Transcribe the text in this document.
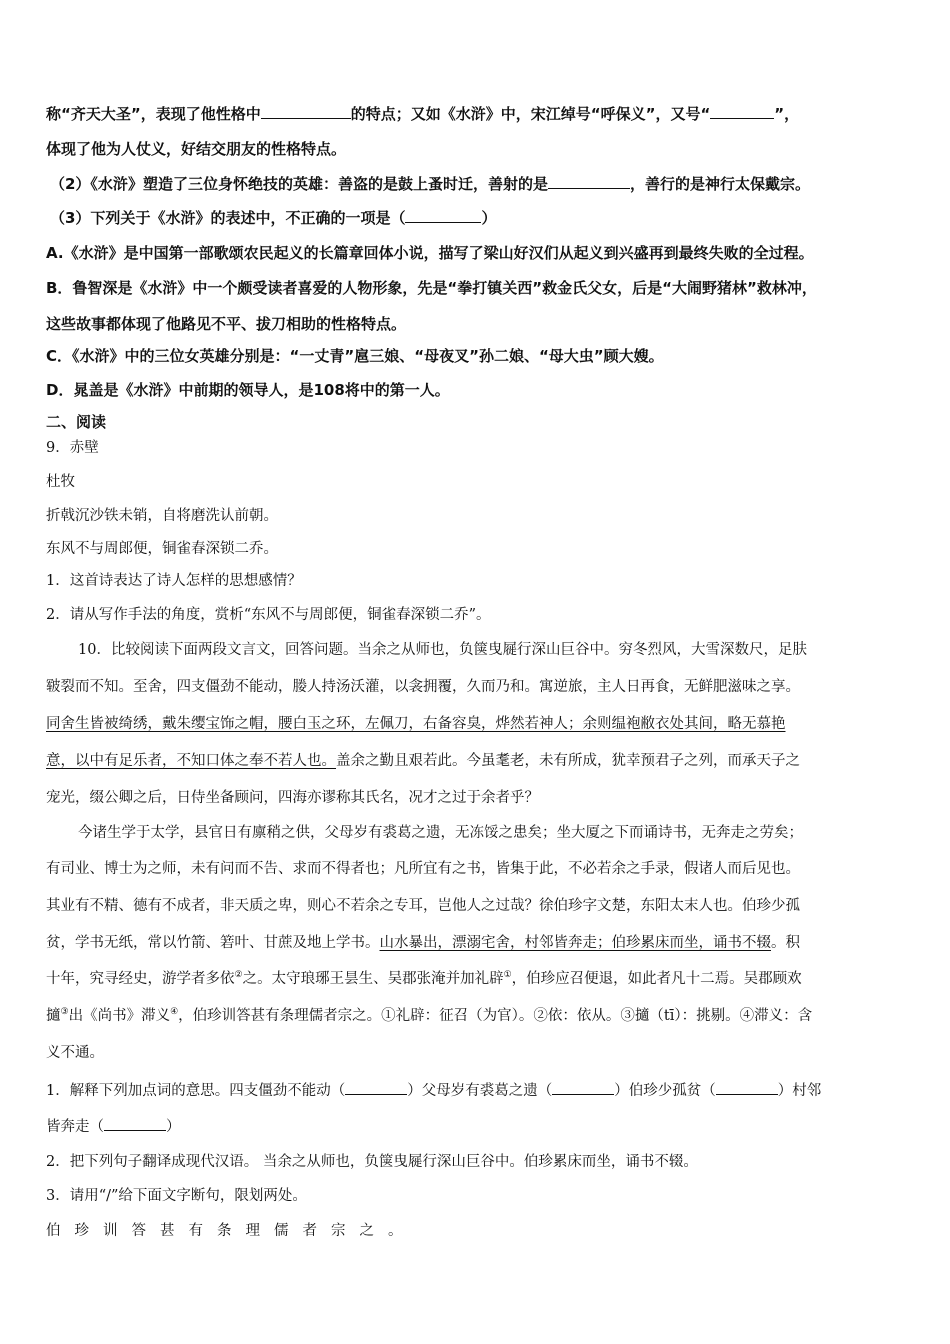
称“齐天大圣”，表现了他性格中	的特点；又如《水浒》中，宋江绰号“呼保义”，又号“	”，
体现了他为人仗义，好结交朋友的性格特点。
（2）《水浒》塑造了三位身怀绝技的英雄：善盗的是鼓上蚤时迁，善射的是	，善行的是神行太保戴宗。
（3）下列关于《水浒》的表述中，不正确的一项是（	）
A.《水浒》是中国第一部歌颂农民起义的长篇章回体小说，描写了梁山好汉们从起义到兴盛再到最终失败的全过程。
B．鲁智深是《水浒》中一个颇受读者喜爱的人物形象，先是“拳打镇关西”救金氏父女，后是“大闹野猪林”救林冲，
这些故事都体现了他路见不平、拔刀相助的性格特点。
C．《水浒》中的三位女英雄分别是：“一丈青”扈三娘、“母夜叉”孙二娘、“母大虫”顾大嫂。
D．晁盖是《水浒》中前期的领导人，是108将中的第一人。
二、阅读
9．赤壁
杜牧
折戟沉沙铁未销，自将磨洗认前朝。
东风不与周郎便，铜雀春深锁二乔。
1．这首诗表达了诗人怎样的思想感情？
2．请从写作手法的角度，赏析“东风不与周郎便，铜雀春深锁二乔”。
10．比较阅读下面两段文言文，回答问题。当余之从师也，负箧曳屣行深山巨谷中。穷冬烈风，大雪深数尺，足肤
皲裂而不知。至舍，四支僵劲不能动，媵人持汤沃灌，以衾拥覆，久而乃和。寓逆旅，主人日再食，无鲜肥滋味之享。
同舍生皆被绮绣，戴朱缨宝饰之帽，腰白玉之环，左佩刀，右备容臭，烨然若神人；余则缊袍敝衣处其间，略无慕艳
意，以中有足乐者，不知口体之奉不若人也。盖余之勤且艰若此。今虽耄老，未有所成，犹幸预君子之列，而承天子之
宠光，缀公卿之后，日侍坐备顾问，四海亦谬称其氏名，况才之过于余者乎？
今诸生学于太学，县官日有廪稍之供，父母岁有裘葛之遗，无冻馁之患矣；坐大厦之下而诵诗书，无奔走之劳矣；
有司业、博士为之师，未有问而不告、求而不得者也；凡所宜有之书，皆集于此，不必若余之手录，假诸人而后见也。
其业有不精、德有不成者，非天质之卑，则心不若余之专耳，岂他人之过哉？徐伯珍字文楚，东阳太末人也。伯珍少孤
贫，学书无纸，常以竹箭、箬叶、甘蔗及地上学书。山水暴出，漂溺宅舍，村邻皆奔走；伯珍累床而坐，诵书不辍。积
十年，究寻经史，游学者多依②之。太守琅琊王昙生、吴郡张淹并加礼辟①，伯珍应召便退，如此者凡十二焉。吴郡顾欢
擿③出《尚书》滞义④，伯珍训答甚有条理儒者宗之。①礼辟：征召（为官）。②依：依从。③擿（tī）：挑剔。④滞义：含
义不通。
1．解释下列加点词的意思。四支僵劲不能动（	）父母岁有裘葛之遗（	）伯珍少孤贫（	）村邻
皆奔走（	）
2．把下列句子翻译成现代汉语。 当余之从师也，负箧曳屣行深山巨谷中。伯珍累床而坐，诵书不辍。
3．请用“/”给下面文字断句，限划两处。
伯珍训答甚有条理儒者宗之。
